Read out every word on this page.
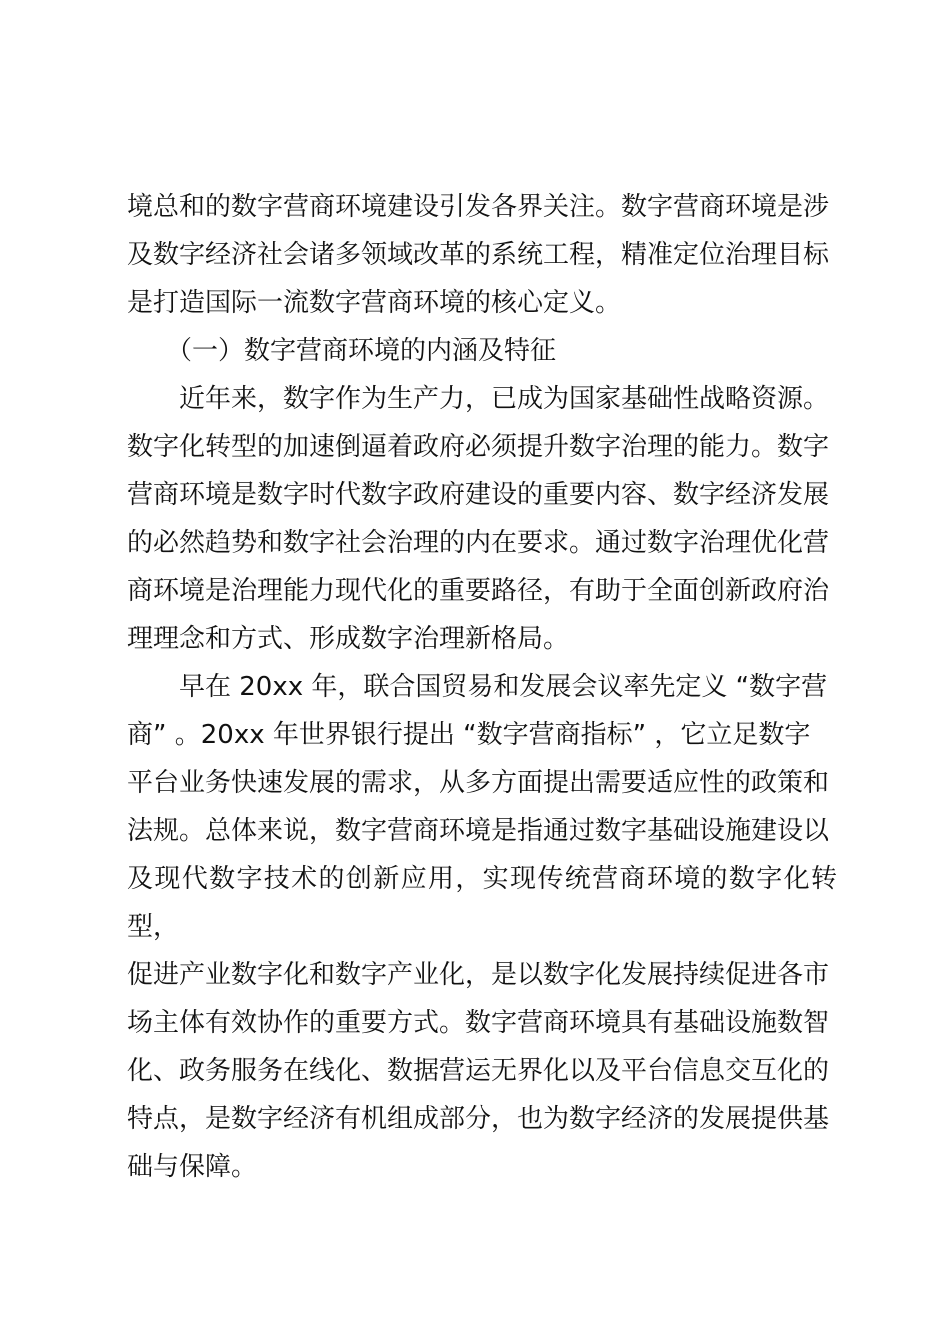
境总和的数字营商环境建设引发各界关注。数字营商环境是涉
及数字经济社会诸多领域改革的系统工程，精准定位治理目标
是打造国际一流数字营商环境的核心定义。

　　（一）数字营商环境的内涵及特征

　　近年来，数字作为生产力，已成为国家基础性战略资源。
数字化转型的加速倒逼着政府必须提升数字治理的能力。数字
营商环境是数字时代数字政府建设的重要内容、数字经济发展
的必然趋势和数字社会治理的内在要求。通过数字治理优化营
商环境是治理能力现代化的重要路径，有助于全面创新政府治
理理念和方式、形成数字治理新格局。

　　早在 20xx 年，联合国贸易和发展会议率先定义 “数字营
商” 。20xx 年世界银行提出 “数字营商指标” ，它立足数字
平台业务快速发展的需求，从多方面提出需要适应性的政策和
法规。总体来说，数字营商环境是指通过数字基础设施建设以
及现代数字技术的创新应用，实现传统营商环境的数字化转型，
促进产业数字化和数字产业化，是以数字化发展持续促进各市
场主体有效协作的重要方式。数字营商环境具有基础设施数智
化、政务服务在线化、数据营运无界化以及平台信息交互化的
特点，是数字经济有机组成部分，也为数字经济的发展提供基
础与保障。
